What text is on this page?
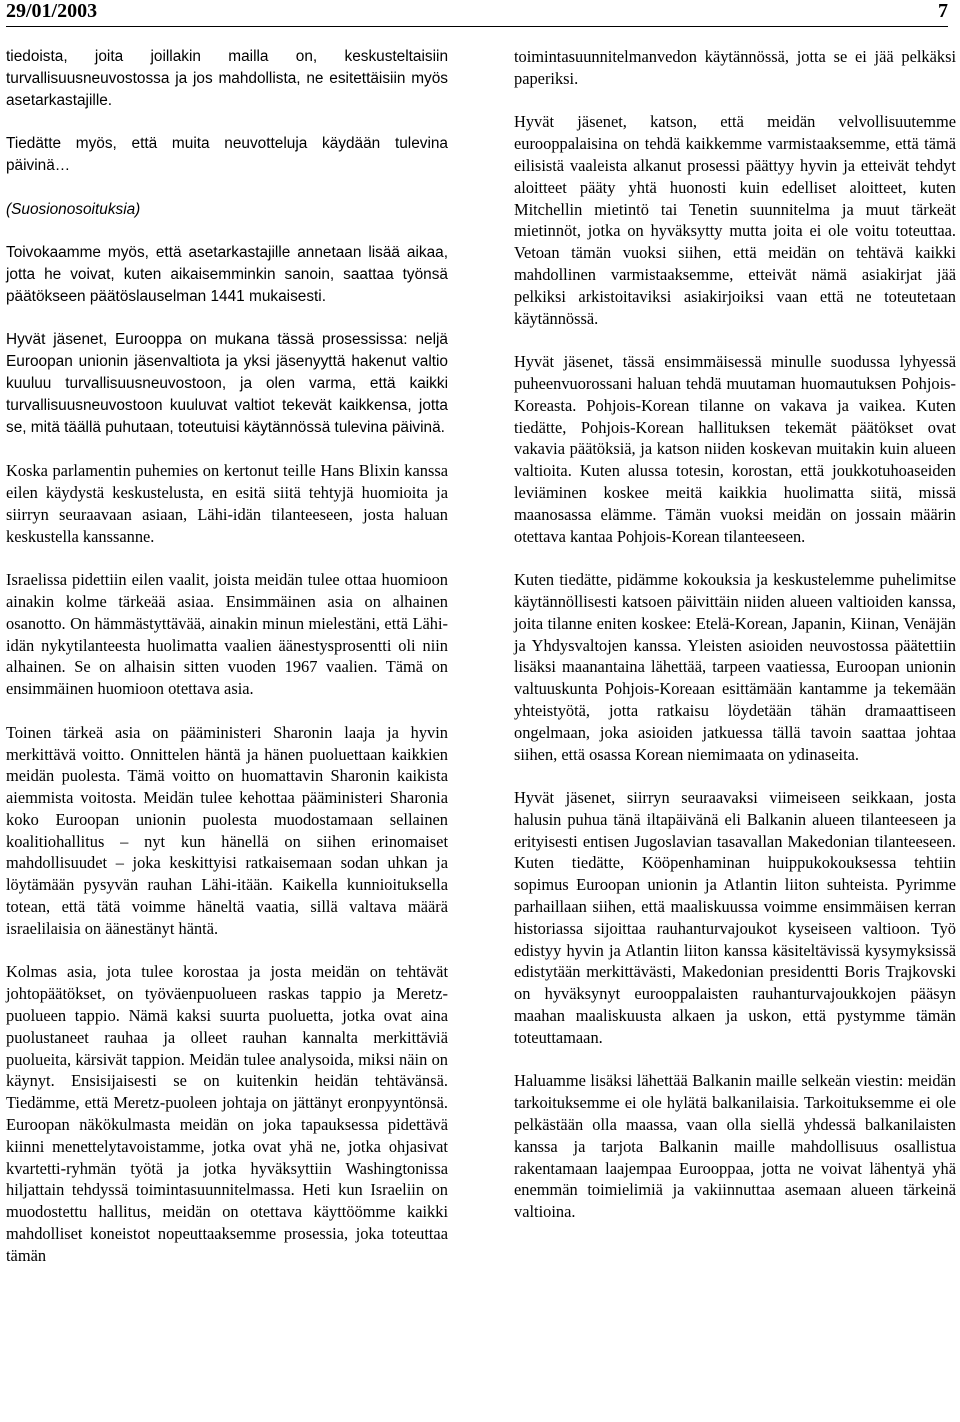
29/01/2003	7

tiedoista, joita joillakin mailla on, keskusteltaisiin turvallisuusneuvostossa ja jos mahdollista, ne esitettäisiin myös asetarkastajille.

Tiedätte myös, että muita neuvotteluja käydään tulevina päivinä…

(Suosionosoituksia)

Toivokaamme myös, että asetarkastajille annetaan lisää aikaa, jotta he voivat, kuten aikaisemminkin sanoin, saattaa työnsä päätökseen päätöslauselman 1441 mukaisesti.

Hyvät jäsenet, Eurooppa on mukana tässä prosessissa: neljä Euroopan unionin jäsenvaltiota ja yksi jäsenyyttä hakenut valtio kuuluu turvallisuusneuvostoon, ja olen varma, että kaikki turvallisuusneuvostoon kuuluvat valtiot tekevät kaikkensa, jotta se, mitä täällä puhutaan, toteutuisi käytännössä tulevina päivinä.

Koska parlamentin puhemies on kertonut teille Hans Blixin kanssa eilen käydystä keskustelusta, en esitä siitä tehtyjä huomioita ja siirryn seuraavaan asiaan, Lähi-idän tilanteeseen, josta haluan keskustella kanssanne.

Israelissa pidettiin eilen vaalit, joista meidän tulee ottaa huomioon ainakin kolme tärkeää asiaa. Ensimmäinen asia on alhainen osanotto. On hämmästyttävää, ainakin minun mielestäni, että Lähi-idän nykytilanteesta huolimatta vaalien äänestysprosentti oli niin alhainen. Se on alhaisin sitten vuoden 1967 vaalien. Tämä on ensimmäinen huomioon otettava asia.

Toinen tärkeä asia on pääministeri Sharonin laaja ja hyvin merkittävä voitto. Onnittelen häntä ja hänen puoluettaan kaikkien meidän puolesta. Tämä voitto on huomattavin Sharonin kaikista aiemmista voitosta. Meidän tulee kehottaa pääministeri Sharonia koko Euroopan unionin puolesta muodostamaan sellainen koalitiohallitus – nyt kun hänellä on siihen erinomaiset mahdollisuudet – joka keskittyisi ratkaisemaan sodan uhkan ja löytämään pysyvän rauhan Lähi-itään. Kaikella kunnioituksella totean, että tätä voimme häneltä vaatia, sillä valtava määrä israelilaisia on äänestänyt häntä.

Kolmas asia, jota tulee korostaa ja josta meidän on tehtävät johtopäätökset, on työväenpuolueen raskas tappio ja Meretz-puolueen tappio. Nämä kaksi suurta puoluetta, jotka ovat aina puolustaneet rauhaa ja olleet rauhan kannalta merkittäviä puolueita, kärsivät tappion. Meidän tulee analysoida, miksi näin on käynyt. Ensisijaisesti se on kuitenkin heidän tehtävänsä. Tiedämme, että Meretz-puoleen johtaja on jättänyt eronpyyntönsä. Euroopan näkökulmasta meidän on joka tapauksessa pidettävä kiinni menettelytavoistamme, jotka ovat yhä ne, jotka ohjasivat kvartetti-ryhmän työtä ja jotka hyväksyttiin Washingtonissa hiljattain tehdyssä toimintasuunnitelmassa. Heti kun Israeliin on muodostettu hallitus, meidän on otettava käyttöömme kaikki mahdolliset koneistot nopeuttaaksemme prosessia, joka toteuttaa tämän

toimintasuunnitelmanvedon käytännössä, jotta se ei jää pelkäksi paperiksi.

Hyvät jäsenet, katson, että meidän velvollisuutemme eurooppalaisina on tehdä kaikkemme varmistaaksemme, että tämä eilisistä vaaleista alkanut prosessi päättyy hyvin ja etteivät tehdyt aloitteet pääty yhtä huonosti kuin edelliset aloitteet, kuten Mitchellin mietintö tai Tenetin suunnitelma ja muut tärkeät mietinnöt, jotka on hyväksytty mutta joita ei ole voitu toteuttaa. Vetoan tämän vuoksi siihen, että meidän on tehtävä kaikki mahdollinen varmistaaksemme, etteivät nämä asiakirjat jää pelkiksi arkistoitaviksi asiakirjoiksi vaan että ne toteutetaan käytännössä.

Hyvät jäsenet, tässä ensimmäisessä minulle suodussa lyhyessä puheenvuorossani haluan tehdä muutaman huomautuksen Pohjois-Koreasta. Pohjois-Korean tilanne on vakava ja vaikea. Kuten tiedätte, Pohjois-Korean hallituksen tekemät päätökset ovat vakavia päätöksiä, ja katson niiden koskevan muitakin kuin alueen valtioita. Kuten alussa totesin, korostan, että joukkotuhoaseiden leviäminen koskee meitä kaikkia huolimatta siitä, missä maanosassa elämme. Tämän vuoksi meidän on jossain määrin otettava kantaa Pohjois-Korean tilanteeseen.

Kuten tiedätte, pidämme kokouksia ja keskustelemme puhelimitse käytännöllisesti katsoen päivittäin niiden alueen valtioiden kanssa, joita tilanne eniten koskee: Etelä-Korean, Japanin, Kiinan, Venäjän ja Yhdysvaltojen kanssa. Yleisten asioiden neuvostossa päätettiin lisäksi maanantaina lähettää, tarpeen vaatiessa, Euroopan unionin valtuuskunta Pohjois-Koreaan esittämään kantamme ja tekemään yhteistyötä, jotta ratkaisu löydetään tähän dramaattiseen ongelmaan, joka asioiden jatkuessa tällä tavoin saattaa johtaa siihen, että osassa Korean niemimaata on ydinaseita.

Hyvät jäsenet, siirryn seuraavaksi viimeiseen seikkaan, josta halusin puhua tänä iltapäivänä eli Balkanin alueen tilanteeseen ja erityisesti entisen Jugoslavian tasavallan Makedonian tilanteeseen. Kuten tiedätte, Kööpenhaminan huippukokouksessa tehtiin sopimus Euroopan unionin ja Atlantin liiton suhteista. Pyrimme parhaillaan siihen, että maaliskuussa voimme ensimmäisen kerran historiassa sijoittaa rauhanturvajoukot kyseiseen valtioon. Työ edistyy hyvin ja Atlantin liiton kanssa käsiteltävissä kysymyksissä edistytään merkittävästi, Makedonian presidentti Boris Trajkovski on hyväksynyt eurooppalaisten rauhanturvajoukkojen pääsyn maahan maaliskuusta alkaen ja uskon, että pystymme tämän toteuttamaan.

Haluamme lisäksi lähettää Balkanin maille selkeän viestin: meidän tarkoituksemme ei ole hylätä balkanilaisia. Tarkoituksemme ei ole pelkästään olla maassa, vaan olla siellä yhdessä balkanilaisten kanssa ja tarjota Balkanin maille mahdollisuus osallistua rakentamaan laajempaa Eurooppaa, jotta ne voivat lähentyä yhä enemmän toimielimiä ja vakiinnuttaa asemaan alueen tärkeinä valtioina.
